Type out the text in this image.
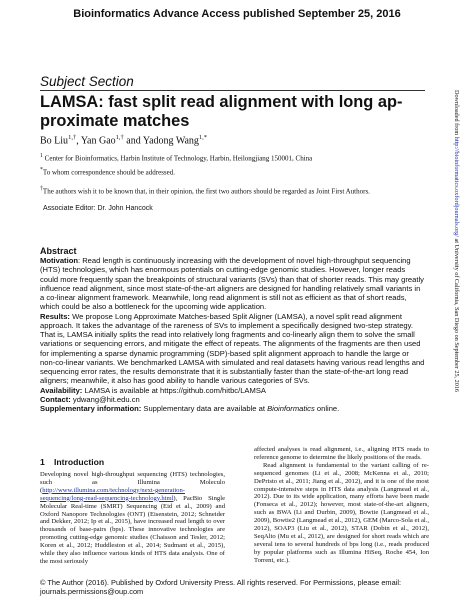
Bioinformatics Advance Access published September 25, 2016
Subject Section
LAMSA: fast split read alignment with long ap-
proximate matches
Bo Liu$^{1,\dagger}$, Yan Gao$^{1,\dagger}$ and Yadong Wang$^{1,*}$
$^1$ Center for Bioinformatics, Harbin Institute of Technology, Harbin, Heilongjiang 150001, China
*To whom correspondence should be addressed.
†The authors wish it to be known that, in their opinion, the first two authors should be regarded as Joint First Authors.
Associate Editor: Dr. John Hancock
Abstract

Motivation: Read length is continuously increasing with the development of novel high-throughput sequencing (HTS) technologies, which has enormous potentials on cutting-edge genomic studies. However, longer reads could more frequently span the breakpoints of structural variants (SVs) than that of shorter reads. This may greatly influence read alignment, since most state-of-the-art aligners are designed for handling relatively small variants in a co-linear alignment framework. Meanwhile, long read alignment is still not as efficient as that of short reads, which could be also a bottleneck for the upcoming wide application.

Results: We propose Long Approximate Matches-based Split Aligner (LAMSA), a novel split read alignment approach. It takes the advantage of the rareness of SVs to implement a specifically designed two-step strategy. That is, LAMSA initially splits the read into relatively long fragments and co-linearly align them to solve the small variations or sequencing errors, and mitigate the effect of repeats. The alignments of the fragments are then used for implementing a sparse dynamic programming (SDP)-based split alignment approach to handle the large or non-co-linear variants. We benchmarked LAMSA with simulated and real datasets having various read lengths and sequencing error rates, the results demonstrate that it is substantially faster than the state-of-the-art long read aligners; meanwhile, it also has good ability to handle various categories of SVs.

Availability: LAMSA is available at https://github.com/hitbc/LAMSA

Contact: ydwang@hit.edu.cn

Supplementary information: Supplementary data are available at Bioinformatics online.

1 Introduction
Developing novel high-throughput sequencing (HTS) technologies, such as Illumina Moleculo (http://www.illumina.com/technology/next-generation-sequencing/long-read-sequencing-technology.html), PacBio Single Molecular Real-time (SMRT) Sequencing (Eid et al., 2009) and Oxford Nanopore Technologies (ONT) (Eisenstein, 2012; Schneider and Dekker, 2012; Ip et al., 2015), have increased read length to over thousands of base-pairs (bps). These innovative technologies are promoting cutting-edge genomic studies (Chaisson and Tesler, 2012; Koren et al., 2012; Huddleston et al., 2014; Sudmant et al., 2015), while they also influence various kinds of HTS data analysis. One of the most seriously
affected analyses is read alignment, i.e., aligning HTS reads to reference genome to determine the likely positions of the reads.
Read alignment is fundamental to the variant calling of re-sequenced genomes (Li et al., 2008; McKenna et al., 2010; DePristo et al., 2011; Jiang et al., 2012), and it is one of the most compute-intensive steps in HTS data analysis (Langmead et al., 2012). Due to its wide application, many efforts have been made (Fonseca et al., 2012); however, most state-of-the-art aligners, such as BWA (Li and Durbin, 2009), Bowtie (Langmead et al., 2009), Bowtie2 (Langmead et al., 2012), GEM (Marco-Sola et al., 2012), SOAP3 (Liu et al., 2012), STAR (Dobin et al., 2012), SeqAlto (Mu et al., 2012), are designed for short reads which are several tens to several hundreds of bps long (i.e., reads produced by popular platforms such as Illumina HiSeq, Roche 454, Ion Torrent, etc.).
© The Author (2016). Published by Oxford University Press. All rights reserved. For Permissions, please email:
journals.permissions@oup.com
Downloaded from http://bioinformatics.oxfordjournals.org/ at University of California, San Diego on September 25, 2016
